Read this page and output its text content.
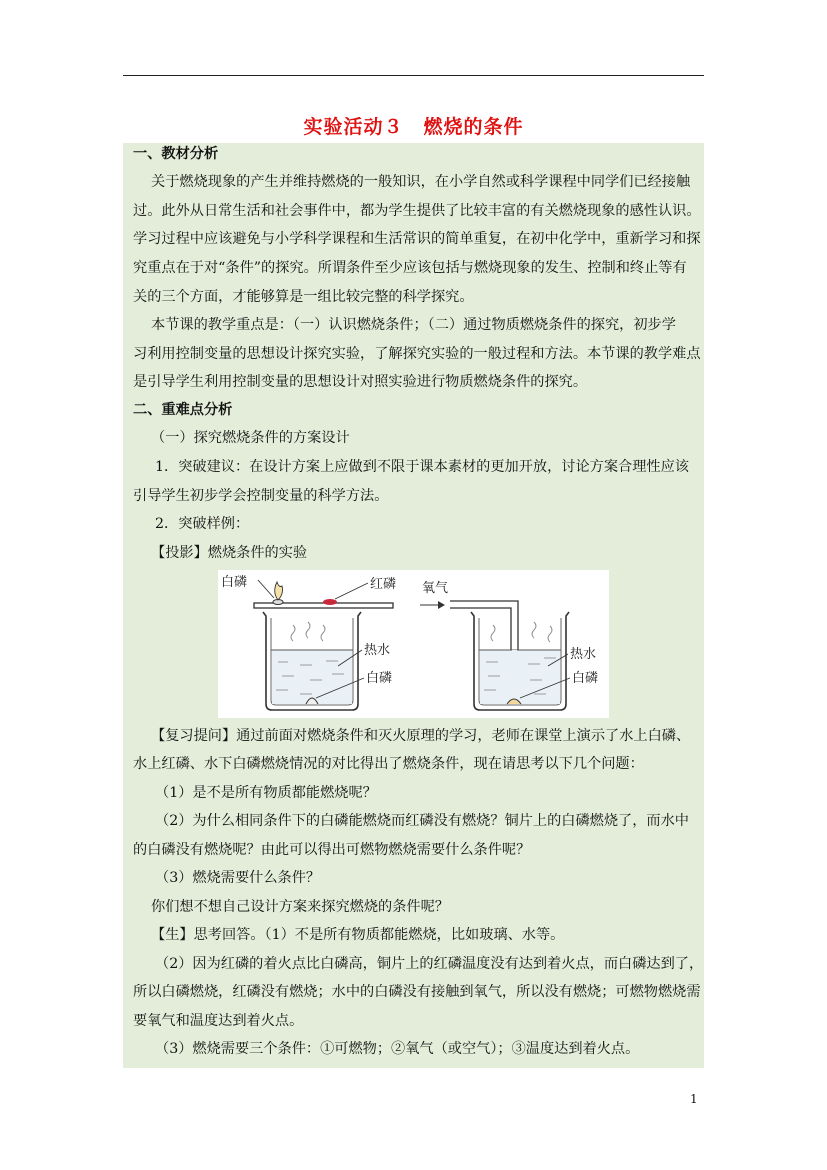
实验活动３　燃烧的条件
一、教材分析
关于燃烧现象的产生并维持燃烧的一般知识，在小学自然或科学课程中同学们已经接触
过。此外从日常生活和社会事件中，都为学生提供了比较丰富的有关燃烧现象的感性认识。
学习过程中应该避免与小学科学课程和生活常识的简单重复，在初中化学中，重新学习和探
究重点在于对“条件”的探究。所谓条件至少应该包括与燃烧现象的发生、控制和终止等有
关的三个方面，才能够算是一组比较完整的科学探究。
本节课的教学重点是：（一）认识燃烧条件；（二）通过物质燃烧条件的探究，初步学
习利用控制变量的思想设计探究实验，了解探究实验的一般过程和方法。本节课的教学难点
是引导学生利用控制变量的思想设计对照实验进行物质燃烧条件的探究。
二、重难点分析
（一）探究燃烧条件的方案设计
1．突破建议：在设计方案上应做到不限于课本素材的更加开放，讨论方案合理性应该
引导学生初步学会控制变量的科学方法。
2．突破样例：
【投影】燃烧条件的实验
白磷	红磷
热水
白磷
氧气
热水
白磷
【复习提问】通过前面对燃烧条件和灭火原理的学习，老师在课堂上演示了水上白磷、
水上红磷、水下白磷燃烧情况的对比得出了燃烧条件，现在请思考以下几个问题：
（1）是不是所有物质都能燃烧呢？
（2）为什么相同条件下的白磷能燃烧而红磷没有燃烧？铜片上的白磷燃烧了，而水中
的白磷没有燃烧呢？由此可以得出可燃物燃烧需要什么条件呢？
（3）燃烧需要什么条件？
你们想不想自己设计方案来探究燃烧的条件呢？
【生】思考回答。（1）不是所有物质都能燃烧，比如玻璃、水等。
（2）因为红磷的着火点比白磷高，铜片上的红磷温度没有达到着火点，而白磷达到了，
所以白磷燃烧，红磷没有燃烧；水中的白磷没有接触到氧气，所以没有燃烧；可燃物燃烧需
要氧气和温度达到着火点。
（3）燃烧需要三个条件：①可燃物；②氧气（或空气）；③温度达到着火点。
1
